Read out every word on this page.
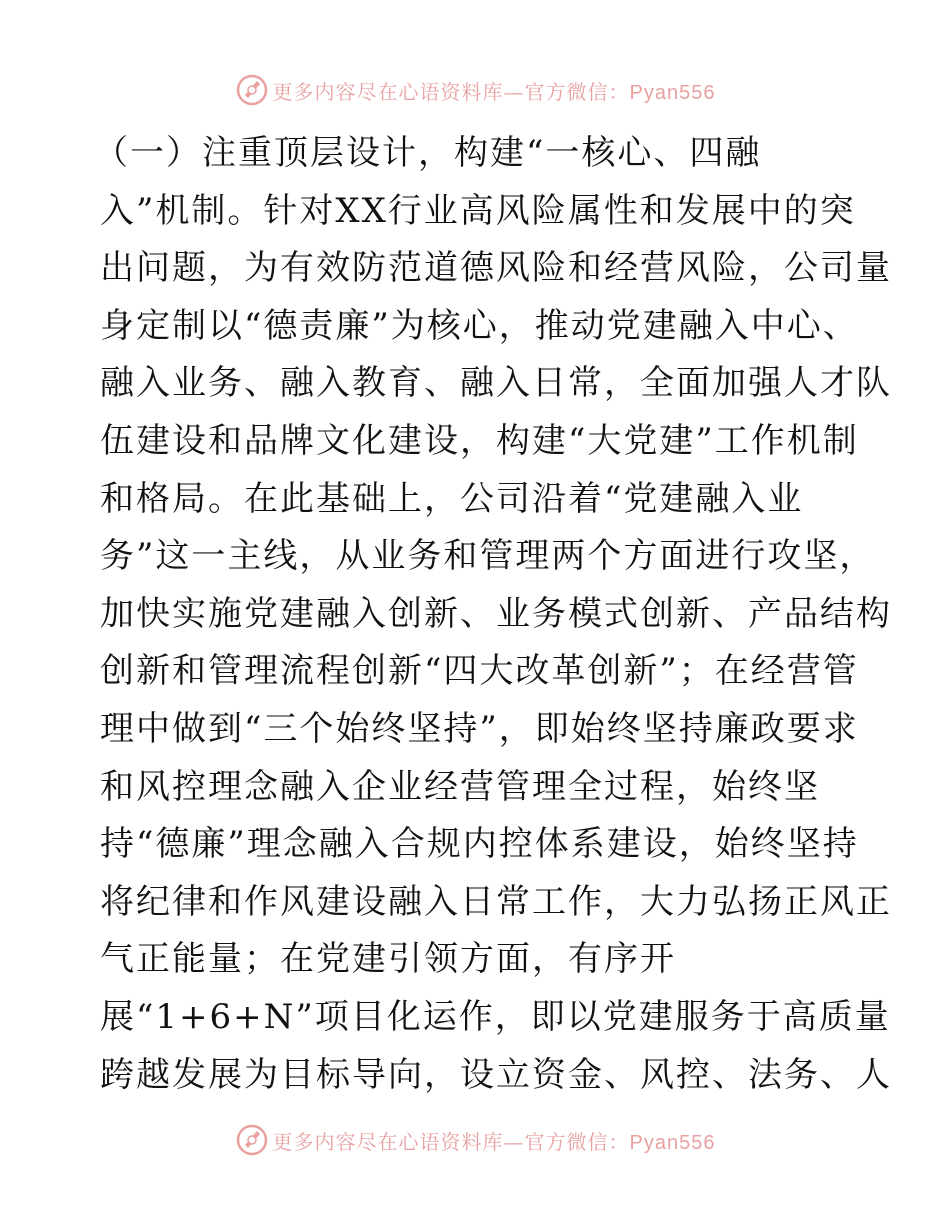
更多内容尽在心语资料库—官方微信：Pyan556
（一）注重顶层设计，构建“一核心、四融
入”机制。针对XX行业高风险属性和发展中的突
出问题，为有效防范道德风险和经营风险，公司量
身定制以“德责廉”为核心，推动党建融入中心、
融入业务、融入教育、融入日常，全面加强人才队
伍建设和品牌文化建设，构建“大党建”工作机制
和格局。在此基础上，公司沿着“党建融入业
务”这一主线，从业务和管理两个方面进行攻坚，
加快实施党建融入创新、业务模式创新、产品结构
创新和管理流程创新“四大改革创新”；在经营管
理中做到“三个始终坚持”，即始终坚持廉政要求
和风控理念融入企业经营管理全过程，始终坚
持“德廉”理念融入合规内控体系建设，始终坚持
将纪律和作风建设融入日常工作，大力弘扬正风正
气正能量；在党建引领方面，有序开
展“1+6+N”项目化运作，即以党建服务于高质量
跨越发展为目标导向，设立资金、风控、法务、人
更多内容尽在心语资料库—官方微信：Pyan556
